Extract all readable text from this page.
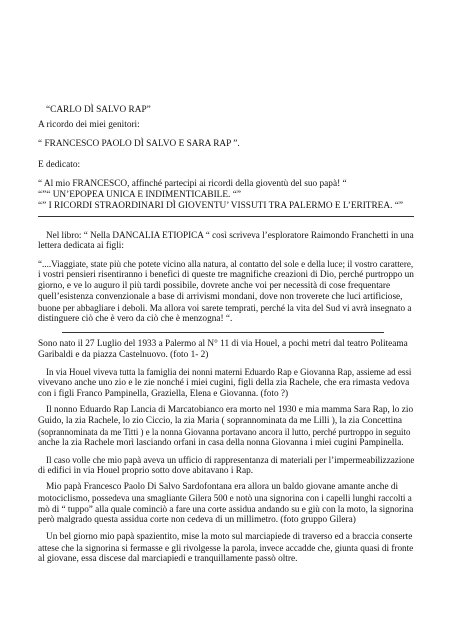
“CARLO DÌ SALVO RAP”
A ricordo dei miei genitori:
“ FRANCESCO PAOLO DÌ SALVO E SARA RAP ”.
E dedicato:
“ Al mio FRANCESCO, affinché partecipi ai ricordi della gioventù del suo papà! “
“”“ UN’EPOPEA UNICA E INDIMENTICABILE. “”
“” I RICORDI STRAORDINARI DÌ GIOVENTU’ VISSUTI TRA PALERMO E L’ERITREA. “”
Nel libro: “ Nella DANCALIA ETIOPICA “ così scriveva l’esploratore Raimondo Franchetti in una
lettera dedicata ai figli:
“....Viaggiate, state più che potete vicino alla natura, al contatto del sole e della luce; il vostro carattere,
i vostri pensieri risentiranno i benefici di queste tre magnifiche creazioni di Dio, perché purtroppo un
giorno, e ve lo auguro il più tardi possibile, dovrete anche voi per necessità di cose frequentare
quell’esistenza convenzionale a base di arrivismi mondani, dove non troverete che luci artificiose,
buone per abbagliare i deboli. Ma allora voi sarete temprati, perché la vita del Sud vi avrà insegnato a
distinguere ciò che è vero da ciò che è menzogna! “.
Sono nato il 27 Luglio del 1933 a Palermo al N° 11 di via Houel, a pochi metri dal teatro Politeama
Garibaldi e da piazza Castelnuovo. (foto 1- 2)
In via Houel viveva tutta la famiglia dei nonni materni Eduardo Rap e Giovanna Rap, assieme ad essi
vivevano anche uno zio e le zie nonché i miei cugini, figli della zia Rachele, che era rimasta vedova
con i figli Franco Pampinella, Graziella, Elena e Giovanna. (foto ?)
Il nonno Eduardo Rap Lancia di Marcatobianco era morto nel 1930 e mia mamma Sara Rap, lo zio
Guido, la zia Rachele, lo zio Ciccio, la zia Maria ( soprannominata da me Lilli ), la zia Concettina
(soprannominata da me Titti ) e la nonna Giovanna portavano ancora il lutto, perché purtroppo in seguito
anche la zia Rachele morì lasciando orfani in casa della nonna Giovanna i miei cugini Pampinella.
Il caso volle che mio papà aveva un ufficio di rappresentanza di materiali per l’impermeabilizzazione
di edifici in via Houel proprio sotto dove abitavano i Rap.
Mio papà Francesco Paolo Di Salvo Sardofontana era allora un baldo giovane amante anche di
motociclismo, possedeva una smagliante Gilera 500 e notò una signorina con i capelli lunghi raccolti a
mò di “ tuppo” alla quale cominciò a fare una corte assidua andando su e giù con la moto, la signorina
però malgrado questa assidua corte non cedeva di un millimetro. (foto gruppo Gilera)
Un bel giorno mio papà spazientito, mise la moto sul marciapiede di traverso ed a braccia conserte
attese che la signorina si fermasse e gli rivolgesse la parola, invece accadde che, giunta quasi di fronte
al giovane, essa discese dal marciapiedi e tranquillamente passò oltre.
